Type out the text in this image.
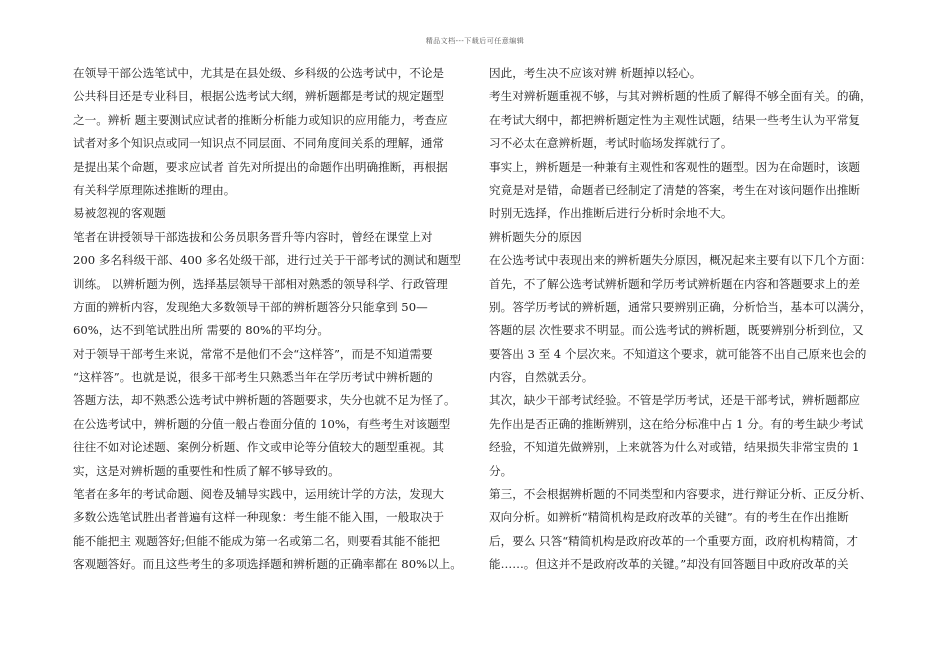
精品文档---下载后可任意编辑
在领导干部公选笔试中，尤其是在县处级、乡科级的公选考试中，不论是
公共科目还是专业科目，根据公选考试大纲，辨析题都是考试的规定题型
之一。辨析 题主要测试应试者的推断分析能力或知识的应用能力，考查应
试者对多个知识点或同一知识点不同层面、不同角度间关系的理解，通常
是提出某个命题，要求应试者 首先对所提出的命题作出明确推断，再根据
有关科学原理陈述推断的理由。
易被忽视的客观题
笔者在讲授领导干部选拔和公务员职务晋升等内容时，曾经在课堂上对
200 多名科级干部、400 多名处级干部，进行过关于干部考试的测试和题型
训练。 以辨析题为例，选择基层领导干部相对熟悉的领导科学、行政管理
方面的辨析内容，发现绝大多数领导干部的辨析题答分只能拿到 50—
60%，达不到笔试胜出所 需要的 80%的平均分。
对于领导干部考生来说，常常不是他们不会“这样答”，而是不知道需要
“这样答”。也就是说，很多干部考生只熟悉当年在学历考试中辨析题的
答题方法，却不熟悉公选考试中辨析题的答题要求，失分也就不足为怪了。
在公选考试中，辨析题的分值一般占卷面分值的 10%，有些考生对该题型
往往不如对论述题、案例分析题、作文或申论等分值较大的题型重视。其
实，这是对辨析题的重要性和性质了解不够导致的。
笔者在多年的考试命题、阅卷及辅导实践中，运用统计学的方法，发现大
多数公选笔试胜出者普遍有这样一种现象：考生能不能入围，一般取决于
能不能把主 观题答好;但能不能成为第一名或第二名，则要看其能不能把
客观题答好。而且这些考生的多项选择题和辨析题的正确率都在 80%以上。
因此，考生决不应该对辨 析题掉以轻心。
考生对辨析题重视不够，与其对辨析题的性质了解得不够全面有关。的确，
在考试大纲中，都把辨析题定性为主观性试题，结果一些考生认为平常复
习不必太在意辨析题，考试时临场发挥就行了。
事实上，辨析题是一种兼有主观性和客观性的题型。因为在命题时，该题
究竟是对是错，命题者已经制定了清楚的答案，考生在对该问题作出推断
时别无选择，作出推断后进行分析时余地不大。
辨析题失分的原因
在公选考试中表现出来的辨析题失分原因，概况起来主要有以下几个方面：
首先，不了解公选考试辨析题和学历考试辨析题在内容和答题要求上的差
别。答学历考试的辨析题，通常只要辨别正确，分析恰当，基本可以满分，
答题的层 次性要求不明显。而公选考试的辨析题，既要辨别分析到位，又
要答出 3 至 4 个层次来。不知道这个要求，就可能答不出自己原来也会的
内容，自然就丢分。
其次，缺少干部考试经验。不管是学历考试，还是干部考试，辨析题都应
先作出是否正确的推断辨别，这在给分标准中占 1 分。有的考生缺少考试
经验，不知道先做辨别，上来就答为什么对或错，结果损失非常宝贵的 1
分。
第三，不会根据辨析题的不同类型和内容要求，进行辩证分析、正反分析、
双向分析。如辨析“精简机构是政府改革的关键”。有的考生在作出推断
后，要么 只答“精简机构是政府改革的一个重要方面，政府机构精简，才
能……。但这并不是政府改革的关键。”却没有回答题目中政府改革的关
